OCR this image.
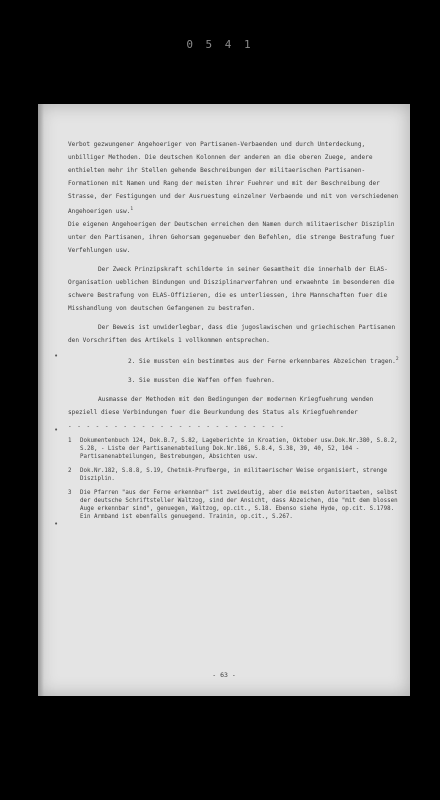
0 5 4 1
•
•
•

Verbot gezwungener Angehoeriger von Partisanen-Verbaenden und durch Unterdeckung, unbilliger Methoden. Die deutschen Kolonnen der anderen an die oberen Zuege, andere enthielten mehr ihr Stellen gehende Beschreibungen der militaerischen Partisanen-Formationen mit Namen und Rang der meisten ihrer Fuehrer und mit der Beschreibung der Strasse, der Festigungen und der Ausruestung einzelner Verbaende und mit von verschiedenen Angehoerigen usw.$^1$

Die eigenen Angehoerigen der Deutschen erreichen den Namen durch militaerischer Disziplin unter den Partisanen, ihren Gehorsam gegenueber den Befehlen, die strenge Bestrafung fuer Verfehlungen usw.

Der Zweck Prinzipskraft schilderte in seiner Gesamtheit die innerhalb der ELAS-Organisation ueblichen Bindungen und Disziplinarverfahren und erwaehnte im besonderen die schwere Bestrafung von ELAS-Offizieren, die es unterliessen, ihre Mannschaften fuer die Misshandlung von deutschen Gefangenen zu bestrafen.

Der Beweis ist unwiderlegbar, dass die jugoslawischen und griechischen Partisanen den Vorschriften des Artikels 1 vollkommen entsprechen.

2. Sie mussten ein bestimmtes aus der Ferne erkennbares Abzeichen tragen.$^2$

3. Sie mussten die Waffen offen fuehren.

Ausmasse der Methoden mit den Bedingungen der modernen Kriegfuehrung wenden speziell diese Verbindungen fuer die Beurkundung des Status als Kriegfuehrender

- - - - - - - - - - - - - - - - - - - - - - - -
1	Dokumentenbuch 124, Dok.B.7, S.82, Lageberichte in Kroatien, Oktober usw.Dok.Nr.380, S.8.2, S.28, - Liste der Partisanenabteilung Dok.Nr.186, S.8.4, S.38, 39, 40, 52, 104 - Partisanenabteilungen, Bestrebungen, Absichten usw.
2	Dok.Nr.182, S.8.8, S.19, Chetnik-Prufberge, in militaerischer Weise organisiert, strenge Disziplin.
3	Die Pfarren "aus der Ferne erkennbar" ist zweideutig, aber die meisten Autoritaeten, selbst der deutsche Schriftsteller Waltzog, sind der Ansicht, dass Abzeichen, die "mit dem blossen Auge erkennbar sind", genuegen, Waltzog, op.cit., S.18. Ebenso siehe Hyde, op.cit. S.1798. Ein Armband ist ebenfalls genuegend. Trainin, op.cit., S.267.
- 63 -
